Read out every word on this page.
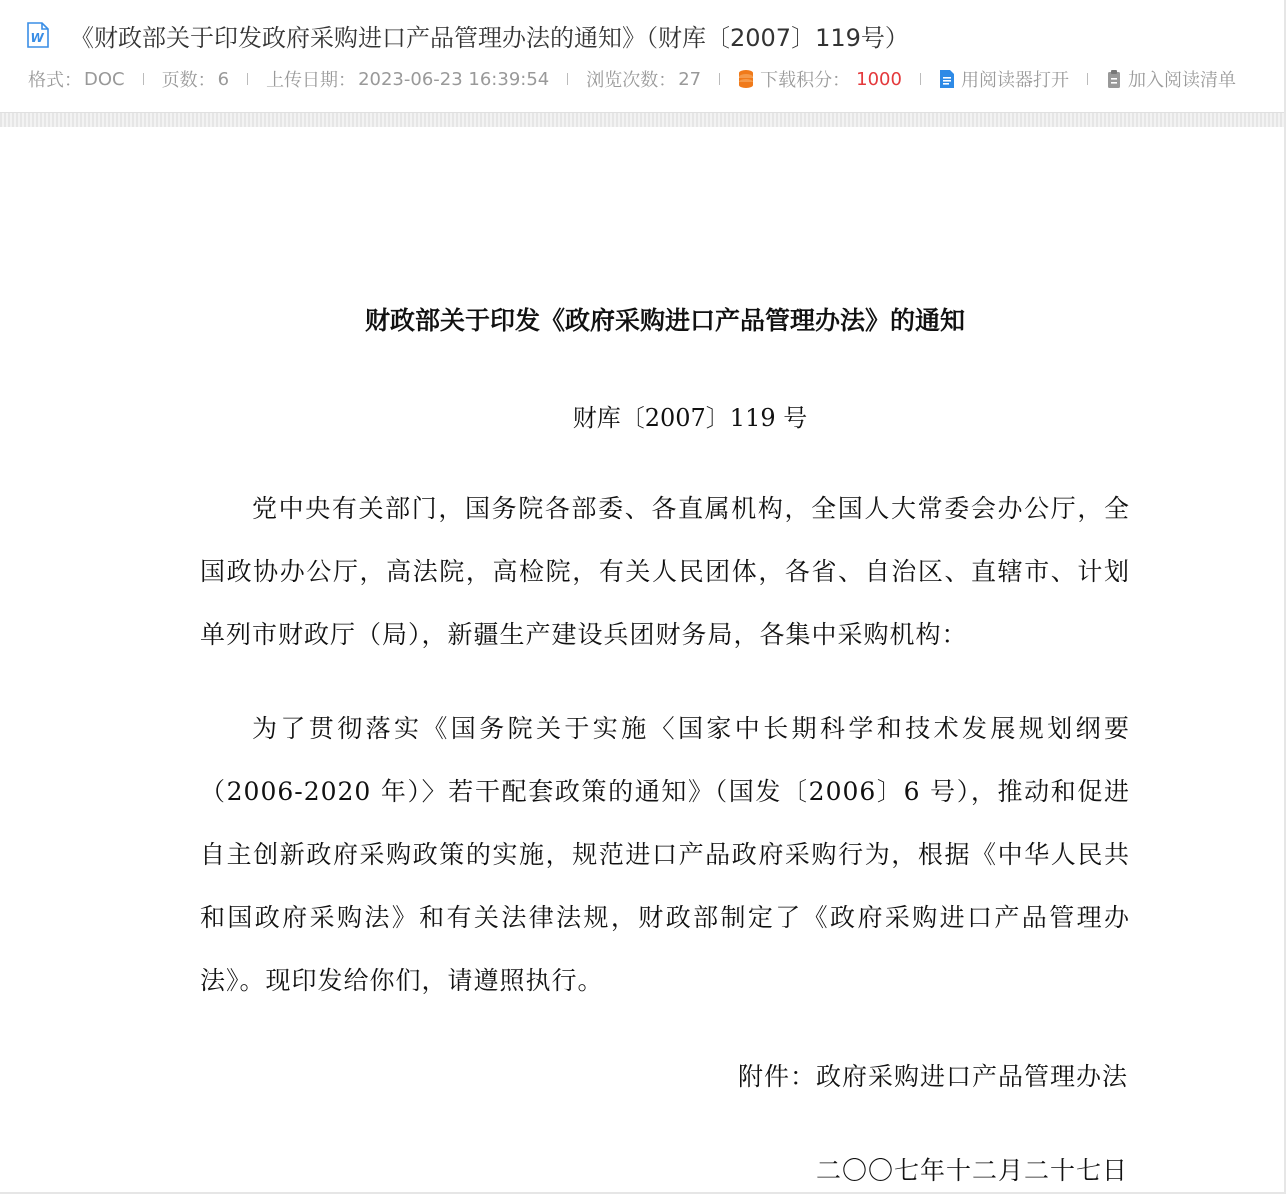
W 《财政部关于印发政府采购进口产品管理办法的通知》（财库〔2007〕119号）
格式： DOC 页数： 6 上传日期： 2023-06-23 16:39:54 浏览次数： 27	下载积分： 1000	用阅读器打开	加入阅读清单
财政部关于印发《政府采购进口产品管理办法》的通知
财库〔2007〕119 号
党中央有关部门，国务院各部委、各直属机构，全国人大常委会办公厅，全国政协办公厅，高法院，高检院，有关人民团体，各省、自治区、直辖市、计划单列市财政厅（局），新疆生产建设兵团财务局，各集中采购机构：
为了贯彻落实《国务院关于实施〈国家中长期科学和技术发展规划纲要（2006-2020 年）〉若干配套政策的通知》（国发〔2006〕6 号），推动和促进自主创新政府采购政策的实施，规范进口产品政府采购行为，根据《中华人民共和国政府采购法》和有关法律法规，财政部制定了《政府采购进口产品管理办法》。现印发给你们，请遵照执行。
附件：政府采购进口产品管理办法
二〇〇七年十二月二十七日
